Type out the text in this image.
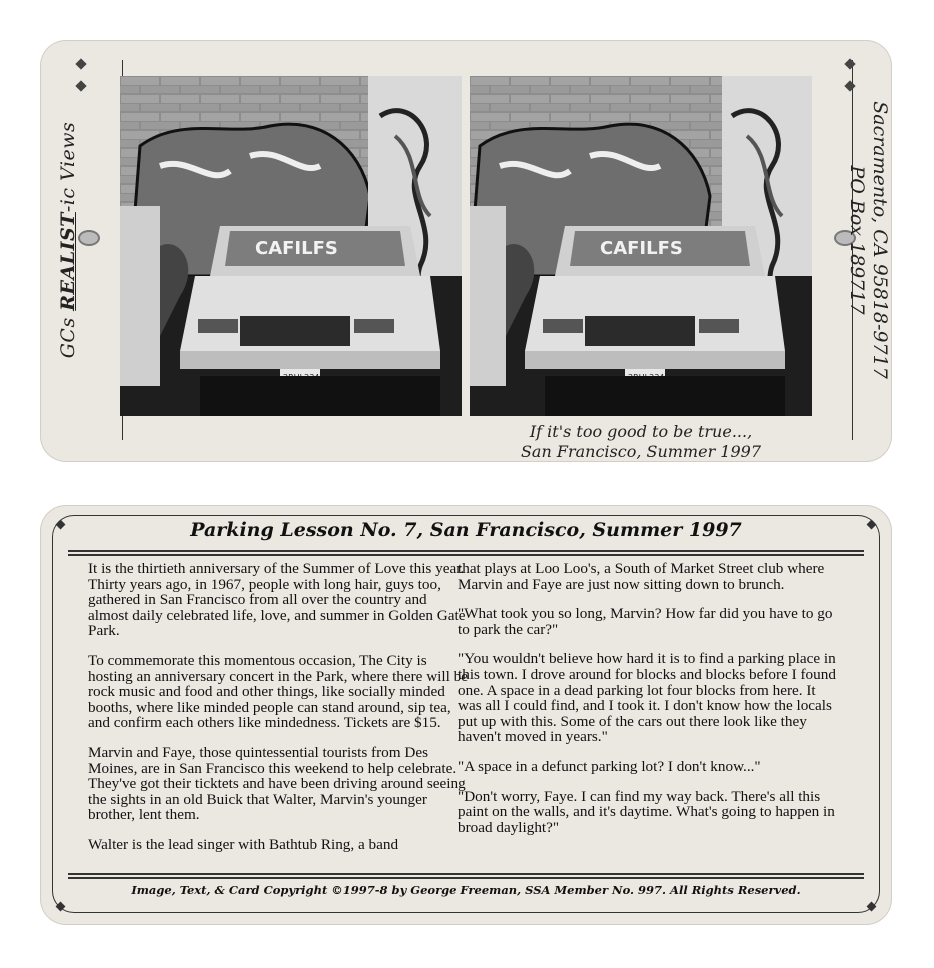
GCs REALIST-ic Views	PO Box 189717 Sacramento, CA 95818-9717
CAFILFS	CAFILFS
If it's too good to be true...,
San Francisco, Summer 1997
Parking Lesson No. 7, San Francisco, Summer 1997

It is the thirtieth anniversary of the Summer of Love this year. Thirty years ago, in 1967, people with long hair, guys too, gathered in San Francisco from all over the country and almost daily celebrated life, love, and summer in Golden Gate Park.

To commemorate this momentous occasion, The City is hosting an anniversary concert in the Park, where there will be rock music and food and other things, like socially minded booths, where like minded people can stand around, sip tea, and confirm each others like mindedness. Tickets are $15.

Marvin and Faye, those quintessential tourists from Des Moines, are in San Francisco this weekend to help celebrate. They've got their ticktets and have been driving around seeing the sights in an old Buick that Walter, Marvin's younger brother, lent them.

Walter is the lead singer with Bathtub Ring, a band

that plays at Loo Loo's, a South of Market Street club where Marvin and Faye are just now sitting down to brunch.

"What took you so long, Marvin? How far did you have to go to park the car?"

"You wouldn't believe how hard it is to find a parking place in this town. I drove around for blocks and blocks before I found one. A space in a dead parking lot four blocks from here. It was all I could find, and I took it. I don't know how the locals put up with this. Some of the cars out there look like they haven't moved in years."

"A space in a defunct parking lot? I don't know..."

"Don't worry, Faye. I can find my way back. There's all this paint on the walls, and it's daytime. What's going to happen in broad daylight?"

Image, Text, & Card Copyright ©1997-8 by George Freeman, SSA Member No. 997. All Rights Reserved.
